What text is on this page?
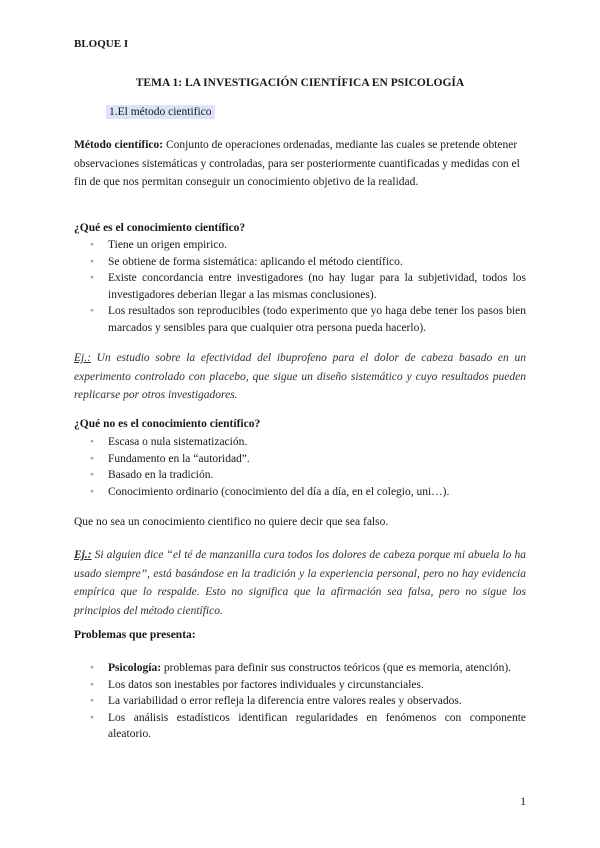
BLOQUE I
TEMA 1: LA INVESTIGACIÓN CIENTÍFICA EN PSICOLOGÍA
1.El método cientifico

Método científico: Conjunto de operaciones ordenadas, mediante las cuales se pretende obtener observaciones sistemáticas y controladas, para ser posteriormente cuantificadas y medidas con el fin de que nos permitan conseguir un conocimiento objetivo de la realidad.

¿Qué es el conocimiento científico?
● Tiene un origen empirico.
● Se obtiene de forma sistemática: aplicando el método científico.
● Existe concordancia entre investigadores (no hay lugar para la subjetividad, todos los investigadores deberian llegar a las mismas conclusiones).
● Los resultados son reproducibles (todo experimento que yo haga debe tener los pasos bien marcados y sensibles para que cualquier otra persona pueda hacerlo).

Ej.: Un estudio sobre la efectividad del ibuprofeno para el dolor de cabeza basado en un experimento controlado con placebo, que sigue un diseño sistemático y cuyo resultados pueden replicarse por otros investigadores.

¿Qué no es el conocimiento científico?
● Escasa o nula sistematización.
● Fundamento en la “autoridad”.
● Basado en la tradición.
● Conocimiento ordinario (conocimiento del día a día, en el colegio, uni…).

Que no sea un conocimiento cientifico no quiere decir que sea falso.

Ej.: Si alguien dice “el té de manzanilla cura todos los dolores de cabeza porque mi abuela lo ha usado siempre”, está basándose en la tradición y la experiencia personal, pero no hay evidencia empírica que lo respalde. Esto no significa que la afirmación sea falsa, pero no sigue los principios del método científico.

Problemas que presenta:
● Psicología: problemas para definir sus constructos teóricos (que es memoria, atención).
● Los datos son inestables por factores individuales y circunstanciales.
● La variabilidad o error refleja la diferencia entre valores reales y observados.
● Los análisis estadísticos identifican regularidades en fenómenos con componente aleatorio.
1
